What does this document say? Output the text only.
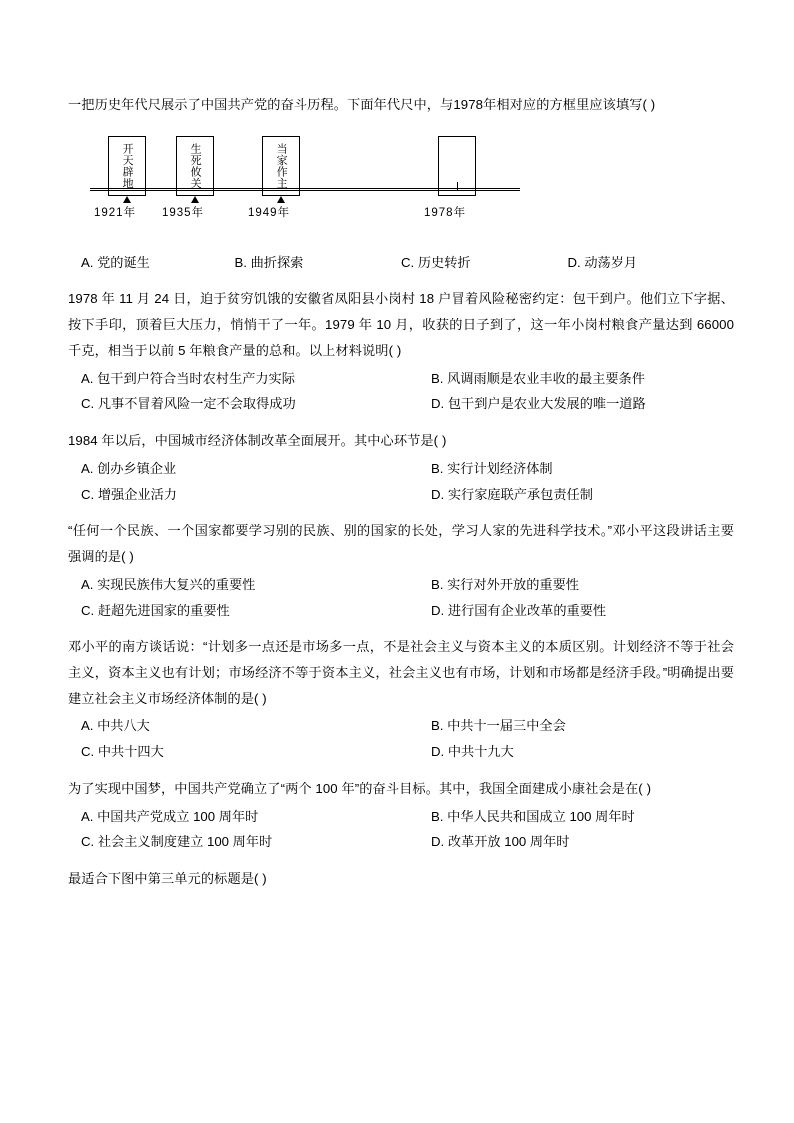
一把历史年代尺展示了中国共产党的奋斗历程。下面年代尺中，与1978年相对应的方框里应该填写( )
开天辟地	生死攸关	当家作主
1921年 1935年	1949年	1978年
A. 党的诞生	B. 曲折探索	C. 历史转折	D. 动荡岁月
1978 年 11 月 24 日，迫于贫穷饥饿的安徽省凤阳县小岗村 18 户冒着风险秘密约定：包干到户。他们立下字据、按下手印，顶着巨大压力，悄悄干了一年。1979 年 10 月，收获的日子到了，这一年小岗村粮食产量达到 66000 千克，相当于以前 5 年粮食产量的总和。以上材料说明( )
A. 包干到户符合当时农村生产力实际	B. 风调雨顺是农业丰收的最主要条件
C. 凡事不冒着风险一定不会取得成功	D. 包干到户是农业大发展的唯一道路
1984 年以后，中国城市经济体制改革全面展开。其中心环节是( )
A. 创办乡镇企业	B. 实行计划经济体制
C. 增强企业活力	D. 实行家庭联产承包责任制
“任何一个民族、一个国家都要学习别的民族、别的国家的长处，学习人家的先进科学技术。”邓小平这段讲话主要强调的是( )
A. 实现民族伟大复兴的重要性	B. 实行对外开放的重要性
C. 赶超先进国家的重要性	D. 进行国有企业改革的重要性
邓小平的南方谈话说：“计划多一点还是市场多一点，不是社会主义与资本主义的本质区别。计划经济不等于社会主义，资本主义也有计划；市场经济不等于资本主义，社会主义也有市场，计划和市场都是经济手段。”明确提出要建立社会主义市场经济体制的是( )
A. 中共八大	B. 中共十一届三中全会
C. 中共十四大	D. 中共十九大
为了实现中国梦，中国共产党确立了“两个 100 年”的奋斗目标。其中，我国全面建成小康社会是在( )
A. 中国共产党成立 100 周年时	B. 中华人民共和国成立 100 周年时
C. 社会主义制度建立 100 周年时	D. 改革开放 100 周年时
最适合下图中第三单元的标题是( )
